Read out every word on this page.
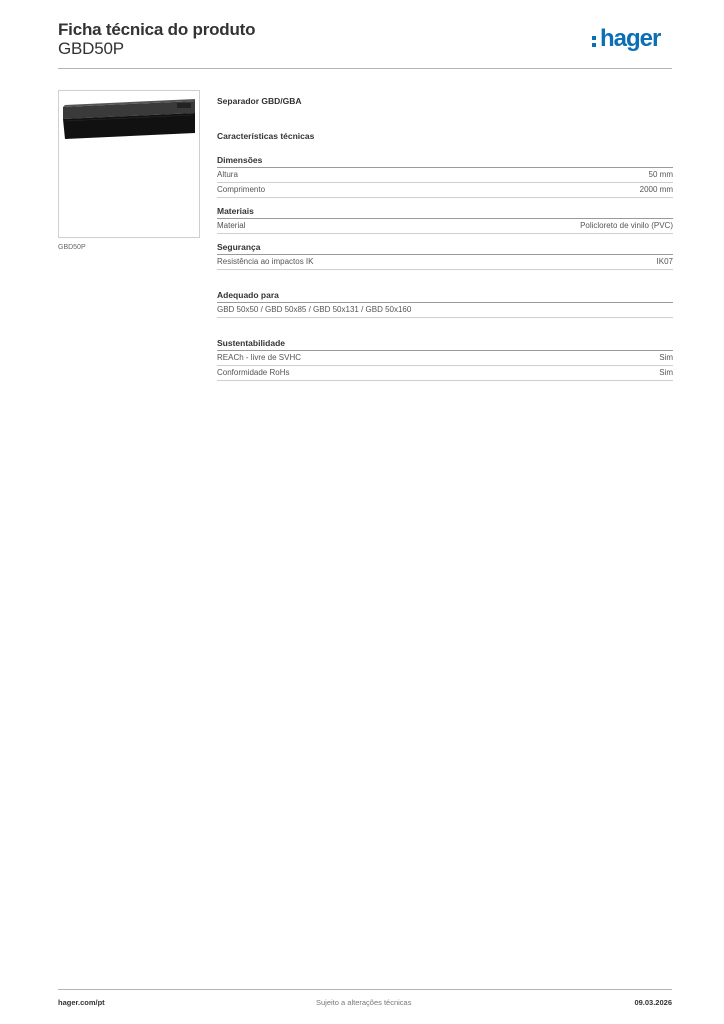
Ficha técnica do produto
GBD50P	hager
GBD50P
Separador GBD/GBA
Características técnicas
Dimensões
Altura	50 mm
Comprimento	2000 mm
Materiais
Material	Policloreto de vinilo (PVC)
Segurança
Resistência ao impactos IK	IK07
Adequado para
GBD 50x50 / GBD 50x85 / GBD 50x131 / GBD 50x160
Sustentabilidade
REACh - livre de SVHC	Sim
Conformidade RoHs	Sim
hager.com/pt	Sujeito a alterações técnicas	09.03.2026
